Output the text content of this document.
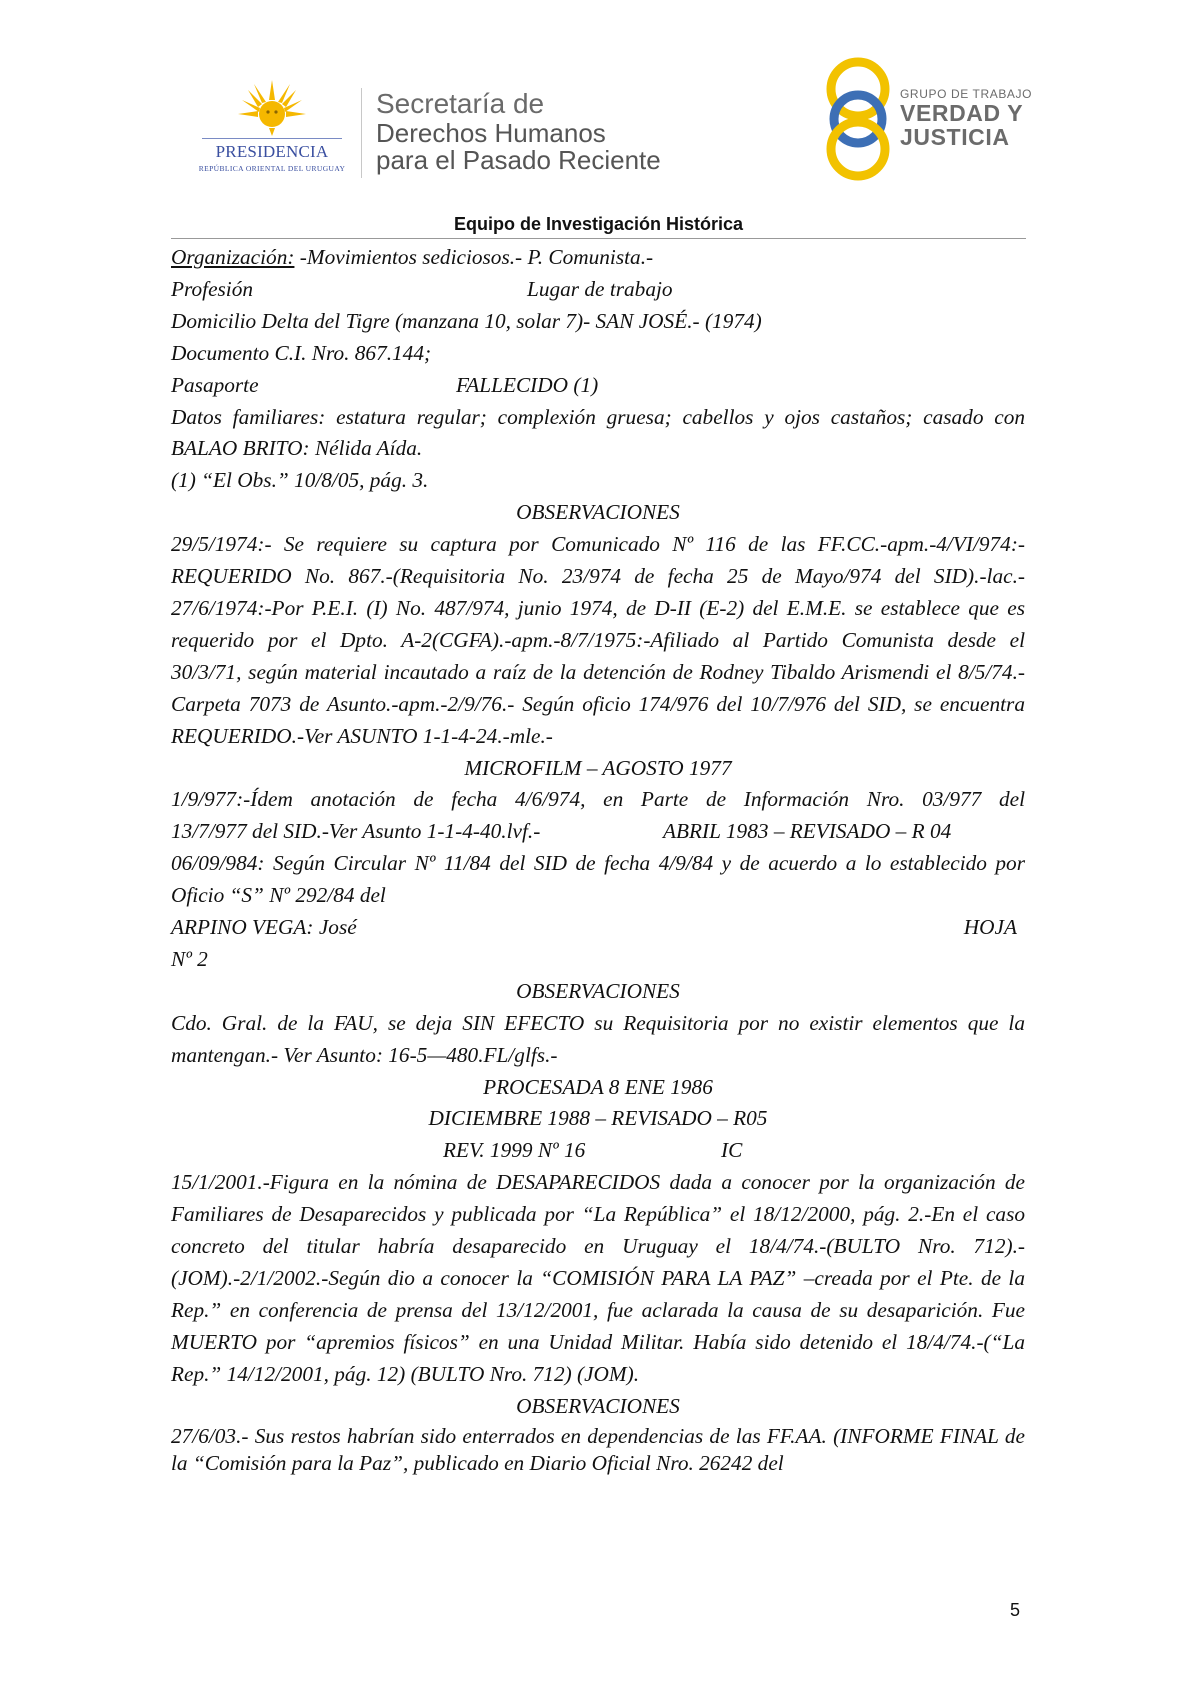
PRESIDENCIA
REPÚBLICA ORIENTAL DEL URUGUAY
Secretaría de
Derechos Humanos
para el Pasado Reciente
GRUPO DE TRABAJO
VERDAD Y
JUSTICIA
Equipo de Investigación Histórica

Organización: -Movimientos sediciosos.- P. Comunista.-

Profesión	Lugar de trabajo

Domicilio Delta del Tigre (manzana 10, solar 7)- SAN JOSÉ.- (1974)

Documento C.I. Nro. 867.144;

Pasaporte	FALLECIDO (1)

Datos familiares: estatura regular; complexión gruesa; cabellos y ojos castaños; casado con BALAO BRITO: Nélida Aída.

(1) “El Obs.” 10/8/05, pág. 3.

OBSERVACIONES

29/5/1974:- Se requiere su captura por Comunicado Nº 116 de las FF.CC.-apm.-4/VI/974:-REQUERIDO No. 867.-(Requisitoria No. 23/974 de fecha 25 de Mayo/974 del SID).-lac.- 27/6/1974:-Por P.E.I. (I) No. 487/974, junio 1974, de D-II (E-2) del E.M.E. se establece que es requerido por el Dpto. A-2(CGFA).-apm.-8/7/1975:-Afiliado al Partido Comunista desde el 30/3/71, según material incautado a raíz de la detención de Rodney Tibaldo Arismendi el 8/5/74.-Carpeta 7073 de Asunto.-apm.-2/9/76.- Según oficio 174/976 del 10/7/976 del SID, se encuentra REQUERIDO.-Ver ASUNTO 1-1-4-24.-mle.-

MICROFILM – AGOSTO 1977

1/9/977:-Ídem anotación de fecha 4/6/974, en Parte de Información Nro. 03/977 del

13/7/977 del SID.-Ver Asunto 1-1-4-40.lvf.-	ABRIL 1983 – REVISADO – R 04

06/09/984: Según Circular Nº 11/84 del SID de fecha 4/9/84 y de acuerdo a lo establecido por Oficio “S” Nº 292/84 del

ARPINO VEGA: José	HOJA

Nº 2

OBSERVACIONES

Cdo. Gral. de la FAU, se deja SIN EFECTO su Requisitoria por no existir elementos que la mantengan.- Ver Asunto: 16-5—480.FL/glfs.-

PROCESADA 8 ENE 1986

DICIEMBRE 1988 – REVISADO – R05

REV. 1999 Nº 16	IC

15/1/2001.-Figura en la nómina de DESAPARECIDOS dada a conocer por la organización de Familiares de Desaparecidos y publicada por “La República” el 18/12/2000, pág. 2.-En el caso concreto del titular habría desaparecido en Uruguay el 18/4/74.-(BULTO Nro. 712).-(JOM).-2/1/2002.-Según dio a conocer la “COMISIÓN PARA LA PAZ” –creada por el Pte. de la Rep.” en conferencia de prensa del 13/12/2001, fue aclarada la causa de su desaparición. Fue MUERTO por “apremios físicos” en una Unidad Militar. Había sido detenido el 18/4/74.-(“La Rep.” 14/12/2001, pág. 12) (BULTO Nro. 712) (JOM).

OBSERVACIONES

27/6/03.- Sus restos habrían sido enterrados en dependencias de las FF.AA. (INFORME FINAL de la “Comisión para la Paz”, publicado en Diario Oficial Nro. 26242 del

5
